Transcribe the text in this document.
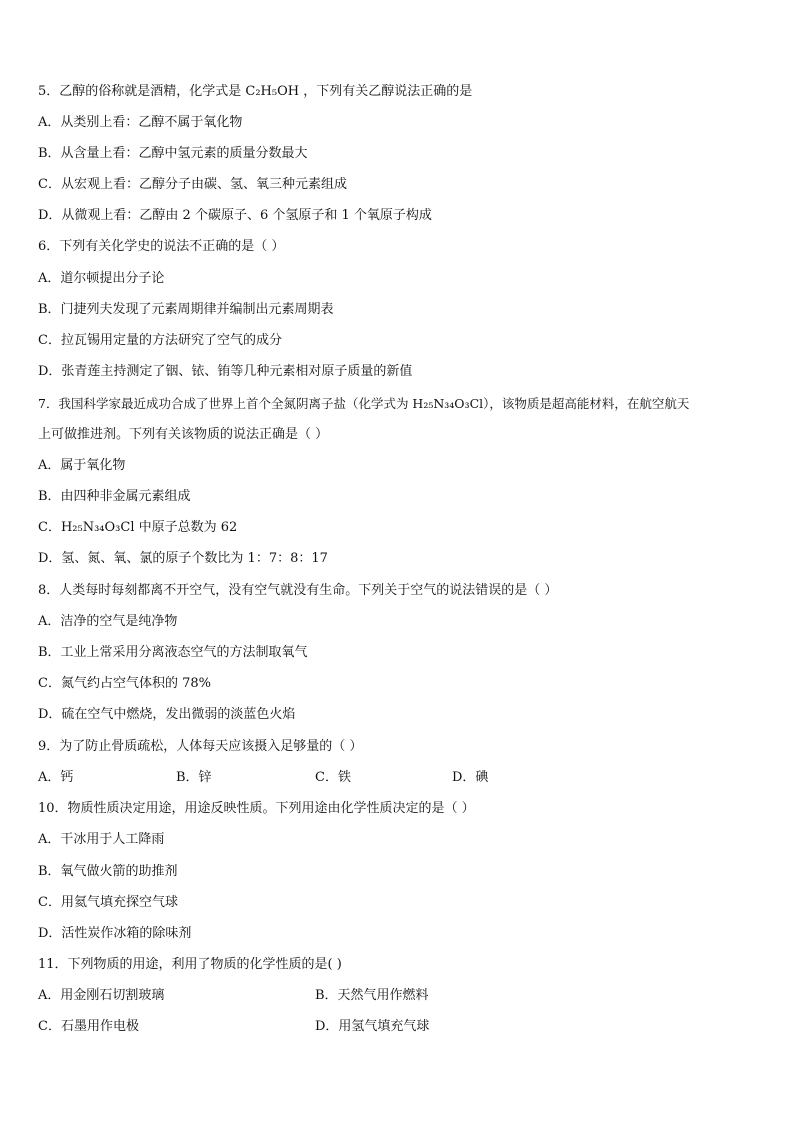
5．乙醇的俗称就是酒精，化学式是 C₂H₅OH ，下列有关乙醇说法正确的是
A．从类别上看：乙醇不属于氧化物
B．从含量上看：乙醇中氢元素的质量分数最大
C．从宏观上看：乙醇分子由碳、氢、氧三种元素组成
D．从微观上看：乙醇由 2 个碳原子、6 个氢原子和 1 个氧原子构成
6．下列有关化学史的说法不正确的是（ ）
A．道尔顿提出分子论
B．门捷列夫发现了元素周期律并编制出元素周期表
C．拉瓦锡用定量的方法研究了空气的成分
D．张青莲主持测定了铟、铱、铕等几种元素相对原子质量的新值
7．我国科学家最近成功合成了世界上首个全氮阴离子盐（化学式为 H₂₅N₃₄O₃Cl），该物质是超高能材料，在航空航天
上可做推进剂。下列有关该物质的说法正确是（ ）
A．属于氧化物
B．由四种非金属元素组成
C．H₂₅N₃₄O₃Cl 中原子总数为 62
D．氢、氮、氧、氯的原子个数比为 1：7：8：17
8．人类每时每刻都离不开空气，没有空气就没有生命。下列关于空气的说法错误的是（ ）
A．洁净的空气是纯净物
B．工业上常采用分离液态空气的方法制取氧气
C．氮气约占空气体积的 78%
D．硫在空气中燃烧，发出微弱的淡蓝色火焰
9．为了防止骨质疏松，人体每天应该摄入足够量的（ ）
A．钙	B．锌	C．铁	D．碘
10．物质性质决定用途，用途反映性质。下列用途由化学性质决定的是（ ）
A．干冰用于人工降雨
B．氧气做火箭的助推剂
C．用氦气填充探空气球
D．活性炭作冰箱的除味剂
11．下列物质的用途，利用了物质的化学性质的是( )
A．用金刚石切割玻璃	B．天然气用作燃料
C．石墨用作电极	D．用氢气填充气球
